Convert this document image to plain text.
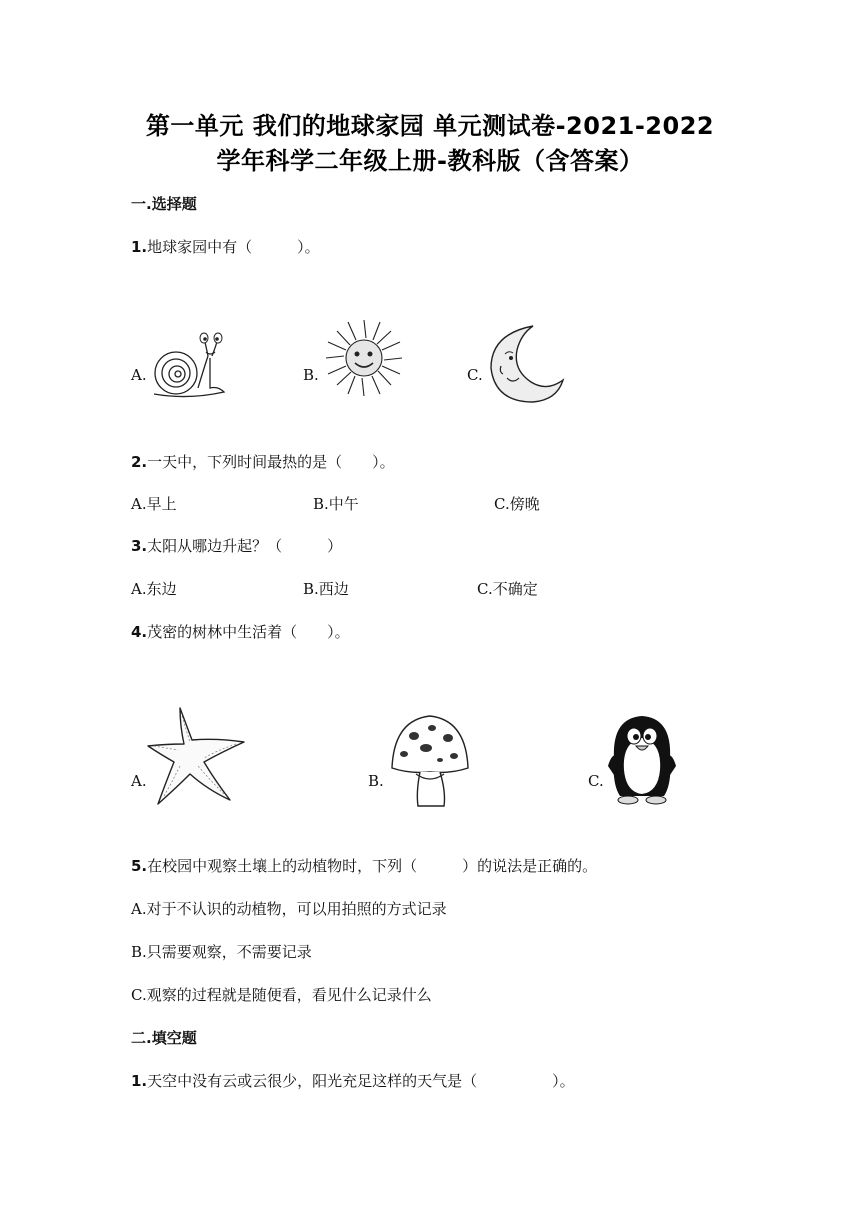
第一单元 我们的地球家园 单元测试卷-2021-2022
学年科学二年级上册-教科版（含答案）
一.选择题
1.地球家园中有（　　　）。
A.	B.	C.
2.一天中，下列时间最热的是（　　）。
A.早上	B.中午	C.傍晚
3.太阳从哪边升起？（　　　）
A.东边	B.西边	C.不确定
4.茂密的树林中生活着（　　）。
A.	B.	C.
5.在校园中观察土壤上的动植物时，下列（　　　）的说法是正确的。
A.对于不认识的动植物，可以用拍照的方式记录
B.只需要观察，不需要记录
C.观察的过程就是随便看，看见什么记录什么
二.填空题
1.天空中没有云或云很少，阳光充足这样的天气是（　　　　　）。
